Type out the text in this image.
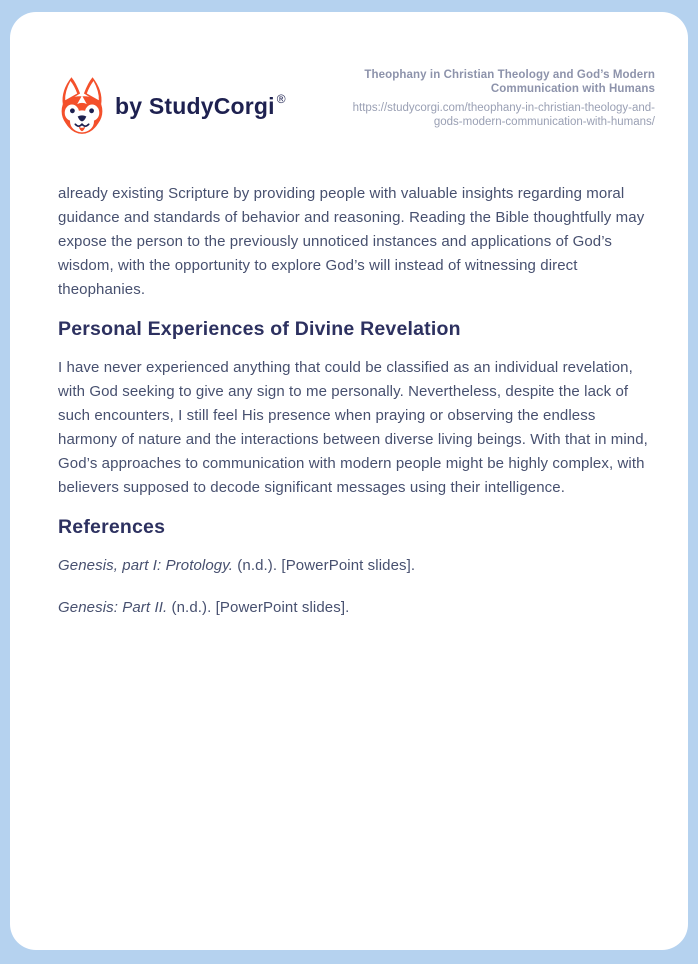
by StudyCorgi ®
Theophany in Christian Theology and God’s Modern Communication with Humans
https://studycorgi.com/theophany-in-christian-theology-and-gods-modern-communication-with-humans/

already existing Scripture by providing people with valuable insights regarding moral guidance and standards of behavior and reasoning. Reading the Bible thoughtfully may expose the person to the previously unnoticed instances and applications of God’s wisdom, with the opportunity to explore God’s will instead of witnessing direct theophanies.

Personal Experiences of Divine Revelation

I have never experienced anything that could be classified as an individual revelation, with God seeking to give any sign to me personally. Nevertheless, despite the lack of such encounters, I still feel His presence when praying or observing the endless harmony of nature and the interactions between diverse living beings. With that in mind, God’s approaches to communication with modern people might be highly complex, with believers supposed to decode significant messages using their intelligence.

References

Genesis, part I: Protology. (n.d.). [PowerPoint slides].

Genesis: Part II. (n.d.). [PowerPoint slides].
